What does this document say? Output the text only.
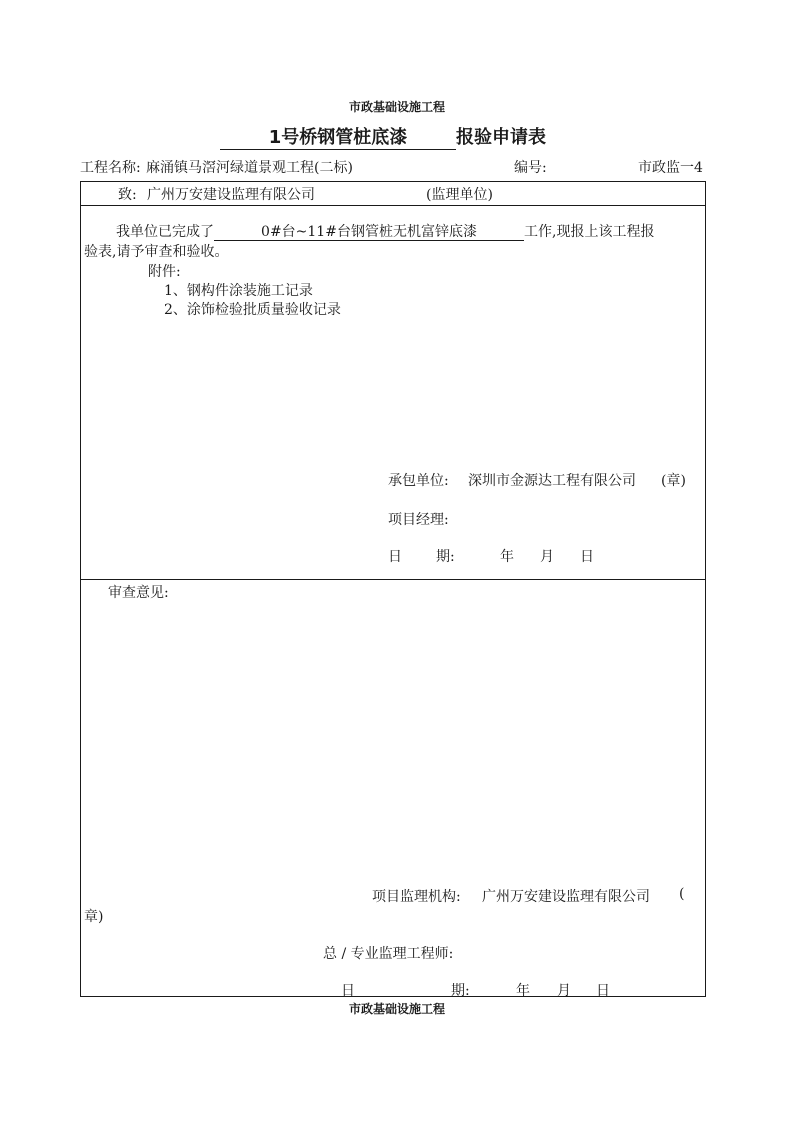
市政基础设施工程
1号桥钢管桩底漆	报验申请表
工程名称: 麻涌镇马滘河绿道景观工程(二标)	编号:	市政监一4
致: 广州万安建设监理有限公司	(监理单位)
我单位已完成了	0#台~11#台钢管桩无机富锌底漆	工作,现报上该工程报
验表,请予审查和验收。
附件:
1、钢构件涂装施工记录
2、涂饰检验批质量验收记录
承包单位: 深圳市金源达工程有限公司 (章)
项目经理:
日 期:	年 月 日
审查意见:
项目监理机构: 广州万安建设监理有限公司 (
章)
总 / 专业监理工程师:
日	期:	年 月 日
市政基础设施工程
